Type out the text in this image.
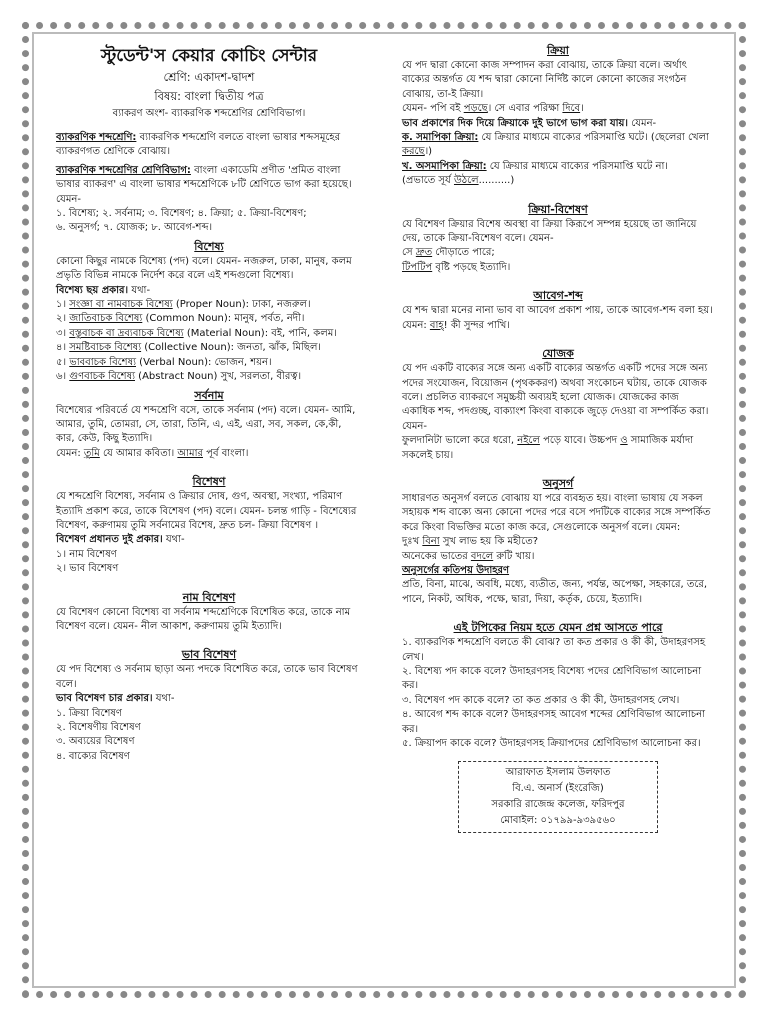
স্টুডেন্ট'স কেয়ার কোচিং সেন্টার

শ্রেণি: একাদশ-দ্বাদশ

বিষয়: বাংলা দ্বিতীয় পত্র

ব্যাকরণ অংশ- ব্যাকরণিক শব্দশ্রেণির শ্রেণিবিভাগ।

ব্যাকরণিক শব্দশ্রেণি: ব্যাকরণিক শব্দশ্রেণি বলতে বাংলা ভাষার শব্দসমূহের ব্যাকরণগত শ্রেণিকে বোঝায়।

ব্যাকরণিক শব্দশ্রেণির শ্রেণিবিভাগ: বাংলা একাডেমি প্রণীত 'প্রমিত বাংলা ভাষার ব্যাকরণ' এ বাংলা ভাষার শব্দশ্রেণিকে ৮টি শ্রেণিতে ভাগ করা হয়েছে। যেমন-

১. বিশেষ্য; ২. সর্বনাম; ৩. বিশেষণ; ৪. ক্রিয়া; ৫. ক্রিয়া-বিশেষণ;

৬. অনুসর্গ; ৭. যোজক; ৮. আবেগ-শব্দ।

বিশেষ্য

কোনো কিছুর নামকে বিশেষ্য (পদ) বলে। যেমন- নজরুল, ঢাকা, মানুষ, কলম প্রভৃতি বিভিন্ন নামকে নির্দেশ করে বলে এই শব্দগুলো বিশেষ্য।

বিশেষ্য ছয় প্রকার। যথা-

১। সংজ্ঞা বা নামবাচক বিশেষ্য (Proper Noun): ঢাকা, নজরুল।

২। জাতিবাচক বিশেষ্য (Common Noun): মানুষ, পর্বত, নদী।

৩। বস্তুবাচক বা দ্রব্যবাচক বিশেষ্য (Material Noun): বই, পানি, কলম।

৪। সমষ্টিবাচক বিশেষ্য (Collective Noun): জনতা, ঝাঁক, মিছিল।

৫। ভাববাচক বিশেষ্য (Verbal Noun): ভোজন, শয়ন।

৬। গুণবাচক বিশেষ্য (Abstract Noun) সুখ, সরলতা, বীরত্ব।

সর্বনাম

বিশেষ্যের পরিবর্তে যে শব্দশ্রেণি বসে, তাকে সর্বনাম (পদ) বলে। যেমন- আমি, আমার, তুমি, তোমরা, সে, তারা, তিনি, এ, এই, এরা, সব, সকল, কে,কী, কার, কেউ, কিছু ইত্যাদি।

যেমন: তুমি যে আমার কবিতা। আমার পূর্ব বাংলা।

বিশেষণ

যে শব্দশ্রেণি বিশেষ্য, সর্বনাম ও ক্রিয়ার দোষ, গুণ, অবস্থা, সংখ্যা, পরিমাণ ইত্যাদি প্রকাশ করে, তাকে বিশেষণ (পদ) বলে। যেমন- চলন্ত গাড়ি - বিশেষ্যের বিশেষণ, করুণাময় তুমি সর্বনামের বিশেষ, দ্রুত চল- ক্রিয়া বিশেষণ ।

বিশেষণ প্রধানত দুই প্রকার। যথা-

১। নাম বিশেষণ

২। ভাব বিশেষণ

নাম বিশেষণ

যে বিশেষণ কোনো বিশেষ্য বা সর্বনাম শব্দশ্রেণিকে বিশেষিত করে, তাকে নাম বিশেষণ বলে। যেমন- নীল আকাশ, করুণাময় তুমি ইত্যাদি।

ভাব বিশেষণ

যে পদ বিশেষ্য ও সর্বনাম ছাড়া অন্য পদকে বিশেষিত করে, তাকে ভাব বিশেষণ বলে।

ভাব বিশেষণ চার প্রকার। যথা-

১. ক্রিয়া বিশেষণ

২. বিশেষণীয় বিশেষণ

৩. অব্যয়ের বিশেষণ

৪. বাক্যের বিশেষণ

ক্রিয়া

যে পদ দ্বারা কোনো কাজ সম্পাদন করা বোঝায়, তাকে ক্রিয়া বলে। অর্থাৎ বাক্যের অন্তর্গত যে শব্দ দ্বারা কোনো নির্দিষ্ট কালে কোনো কাজের সংগঠন বোঝায়, তা-ই ক্রিয়া।

যেমন- পপি বই পড়ছে। সে এবার পরিক্ষা দিবে।

ভাব প্রকাশের দিক দিয়ে ক্রিয়াকে দুই ভাগে ভাগ করা যায়। যেমন-

ক. সমাপিকা ক্রিয়া: যে ক্রিয়ার মাধ্যমে বাক্যের পরিসমাপ্তি ঘটে। (ছেলেরা খেলা করছে।)

খ. অসমাপিকা ক্রিয়া: যে ক্রিয়ার মাধ্যমে বাক্যের পরিসমাপ্তি ঘটে না।

(প্রভাতে সূর্য উঠলে..........)

ক্রিয়া-বিশেষণ

যে বিশেষণ ক্রিয়ার বিশেষ অবস্থা বা ক্রিয়া কিরূপে সম্পন্ন হয়েছে তা জানিয়ে দেয়, তাকে ক্রিয়া-বিশেষণ বলে। যেমন-

সে দ্রুত দৌড়াতে পারে;

টিপটিপ বৃষ্টি পড়ছে ইত্যাদি।

আবেগ-শব্দ

যে শব্দ দ্বারা মনের নানা ভাব বা আবেগ প্রকাশ পায়, তাকে আবেগ-শব্দ বলা হয়। যেমন: বাহ্! কী সুন্দর পাখি।

যোজক

যে পদ একটি বাক্যের সঙ্গে অন্য একটি বাক্যের অন্তর্গত একটি পদের সঙ্গে অন্য পদের সংযোজন, বিয়োজন (পৃথককরণ) অথবা সংকোচন ঘটায়, তাকে যোজক বলে। প্রচলিত ব্যাকরণে সমুচ্চয়ী অব্যয়ই হলো যোজক। যোজকের কাজ একাধিক শব্দ, পদগুচ্ছ, বাক্যাংশ কিংবা বাক্যকে জুড়ে দেওয়া বা সম্পর্কিত করা। যেমন-

ফুলদানিটা ভালো করে ধরো, নইলে পড়ে যাবে। উচ্চপদ ও সামাজিক মর্যাদা সকলেই চায়।

অনুসর্গ

সাধারণত অনুসর্গ বলতে বোঝায় যা পরে ব্যবহৃত হয়। বাংলা ভাষায় যে সকল সহায়ক শব্দ বাক্যে অন্য কোনো পদের পরে বসে পদটিকে বাক্যের সঙ্গে সম্পর্কিত করে কিংবা বিভক্তির মতো কাজ করে, সেগুলোকে অনুসর্গ বলে। যেমন:

দুঃখ বিনা সুখ লাভ হয় কি মহীতে?

অনেকের ভাতের বদলে রুটি খায়।

অনুসর্গের কতিপয় উদাহরণ

প্রতি, বিনা, মাঝে, অবধি, মধ্যে, ব্যতীত, জন্য, পর্যন্ত, অপেক্ষা, সহকারে, তরে, পানে, নিকট, অধিক, পক্ষে, দ্বারা, দিয়া, কর্তৃক, চেয়ে, ইত্যাদি।

এই টপিকের নিয়ম হতে যেমন প্রশ্ন আসতে পারে

১. ব্যাকরণিক শব্দশ্রেণি বলতে কী বোঝ? তা কত প্রকার ও কী কী, উদাহরণসহ লেখ।

২. বিশেষ্য পদ কাকে বলে? উদাহরণসহ বিশেষ্য পদের শ্রেণিবিভাগ আলোচনা কর।

৩. বিশেষণ পদ কাকে বলে? তা কত প্রকার ও কী কী, উদাহরণসহ লেখ।

৪. আবেগ শব্দ কাকে বলে? উদাহরণসহ আবেগ শব্দের শ্রেণিবিভাগ আলোচনা কর।

৫. ক্রিয়াপদ কাকে বলে? উদাহরণসহ ক্রিয়াপদের শ্রেণিবিভাগ আলোচনা কর।

আরাফাত ইসলাম উলফাত

বি.এ. অনার্স (ইংরেজি)

সরকারি রাজেন্দ্র কলেজ, ফরিদপুর

মোবাইল: ০১৭৯৯-৯৩৯৫৬০
